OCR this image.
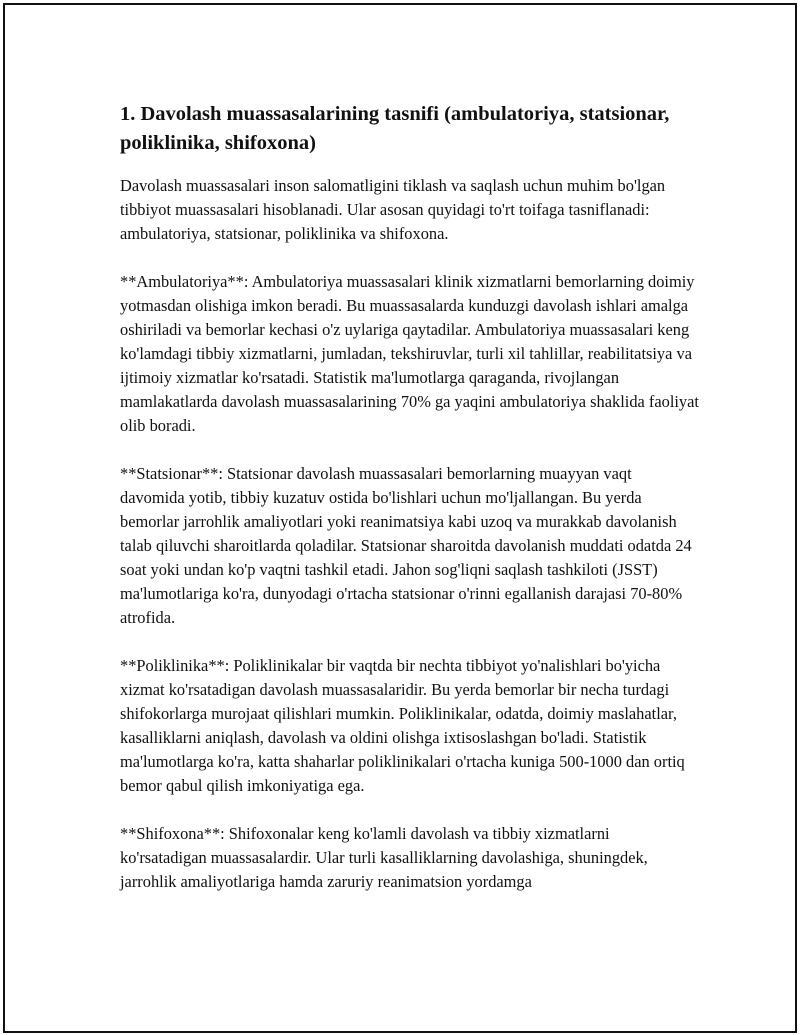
1. Davolash muassasalarining tasnifi (ambulatoriya, statsionar, poliklinika, shifoxona)

Davolash muassasalari inson salomatligini tiklash va saqlash uchun muhim bo'lgan tibbiyot muassasalari hisoblanadi. Ular asosan quyidagi to'rt toifaga tasniflanadi: ambulatoriya, statsionar, poliklinika va shifoxona.

**Ambulatoriya**: Ambulatoriya muassasalari klinik xizmatlarni bemorlarning doimiy yotmasdan olishiga imkon beradi. Bu muassasalarda kunduzgi davolash ishlari amalga oshiriladi va bemorlar kechasi o'z uylariga qaytadilar. Ambulatoriya muassasalari keng ko'lamdagi tibbiy xizmatlarni, jumladan, tekshiruvlar, turli xil tahlillar, reabilitatsiya va ijtimoiy xizmatlar ko'rsatadi. Statistik ma'lumotlarga qaraganda, rivojlangan mamlakatlarda davolash muassasalarining 70% ga yaqini ambulatoriya shaklida faoliyat olib boradi.

**Statsionar**: Statsionar davolash muassasalari bemorlarning muayyan vaqt davomida yotib, tibbiy kuzatuv ostida bo'lishlari uchun mo'ljallangan. Bu yerda bemorlar jarrohlik amaliyotlari yoki reanimatsiya kabi uzoq va murakkab davolanish talab qiluvchi sharoitlarda qoladilar. Statsionar sharoitda davolanish muddati odatda 24 soat yoki undan ko'p vaqtni tashkil etadi. Jahon sog'liqni saqlash tashkiloti (JSST) ma'lumotlariga ko'ra, dunyodagi o'rtacha statsionar o'rinni egallanish darajasi 70-80% atrofida.

**Poliklinika**: Poliklinikalar bir vaqtda bir nechta tibbiyot yo'nalishlari bo'yicha xizmat ko'rsatadigan davolash muassasalaridir. Bu yerda bemorlar bir necha turdagi shifokorlarga murojaat qilishlari mumkin. Poliklinikalar, odatda, doimiy maslahatlar, kasalliklarni aniqlash, davolash va oldini olishga ixtisoslashgan bo'ladi. Statistik ma'lumotlarga ko'ra, katta shaharlar poliklinikalari o'rtacha kuniga 500-1000 dan ortiq bemor qabul qilish imkoniyatiga ega.

**Shifoxona**: Shifoxonalar keng ko'lamli davolash va tibbiy xizmatlarni ko'rsatadigan muassasalardir. Ular turli kasalliklarning davolashiga, shuningdek, jarrohlik amaliyotlariga hamda zaruriy reanimatsion yordamga
